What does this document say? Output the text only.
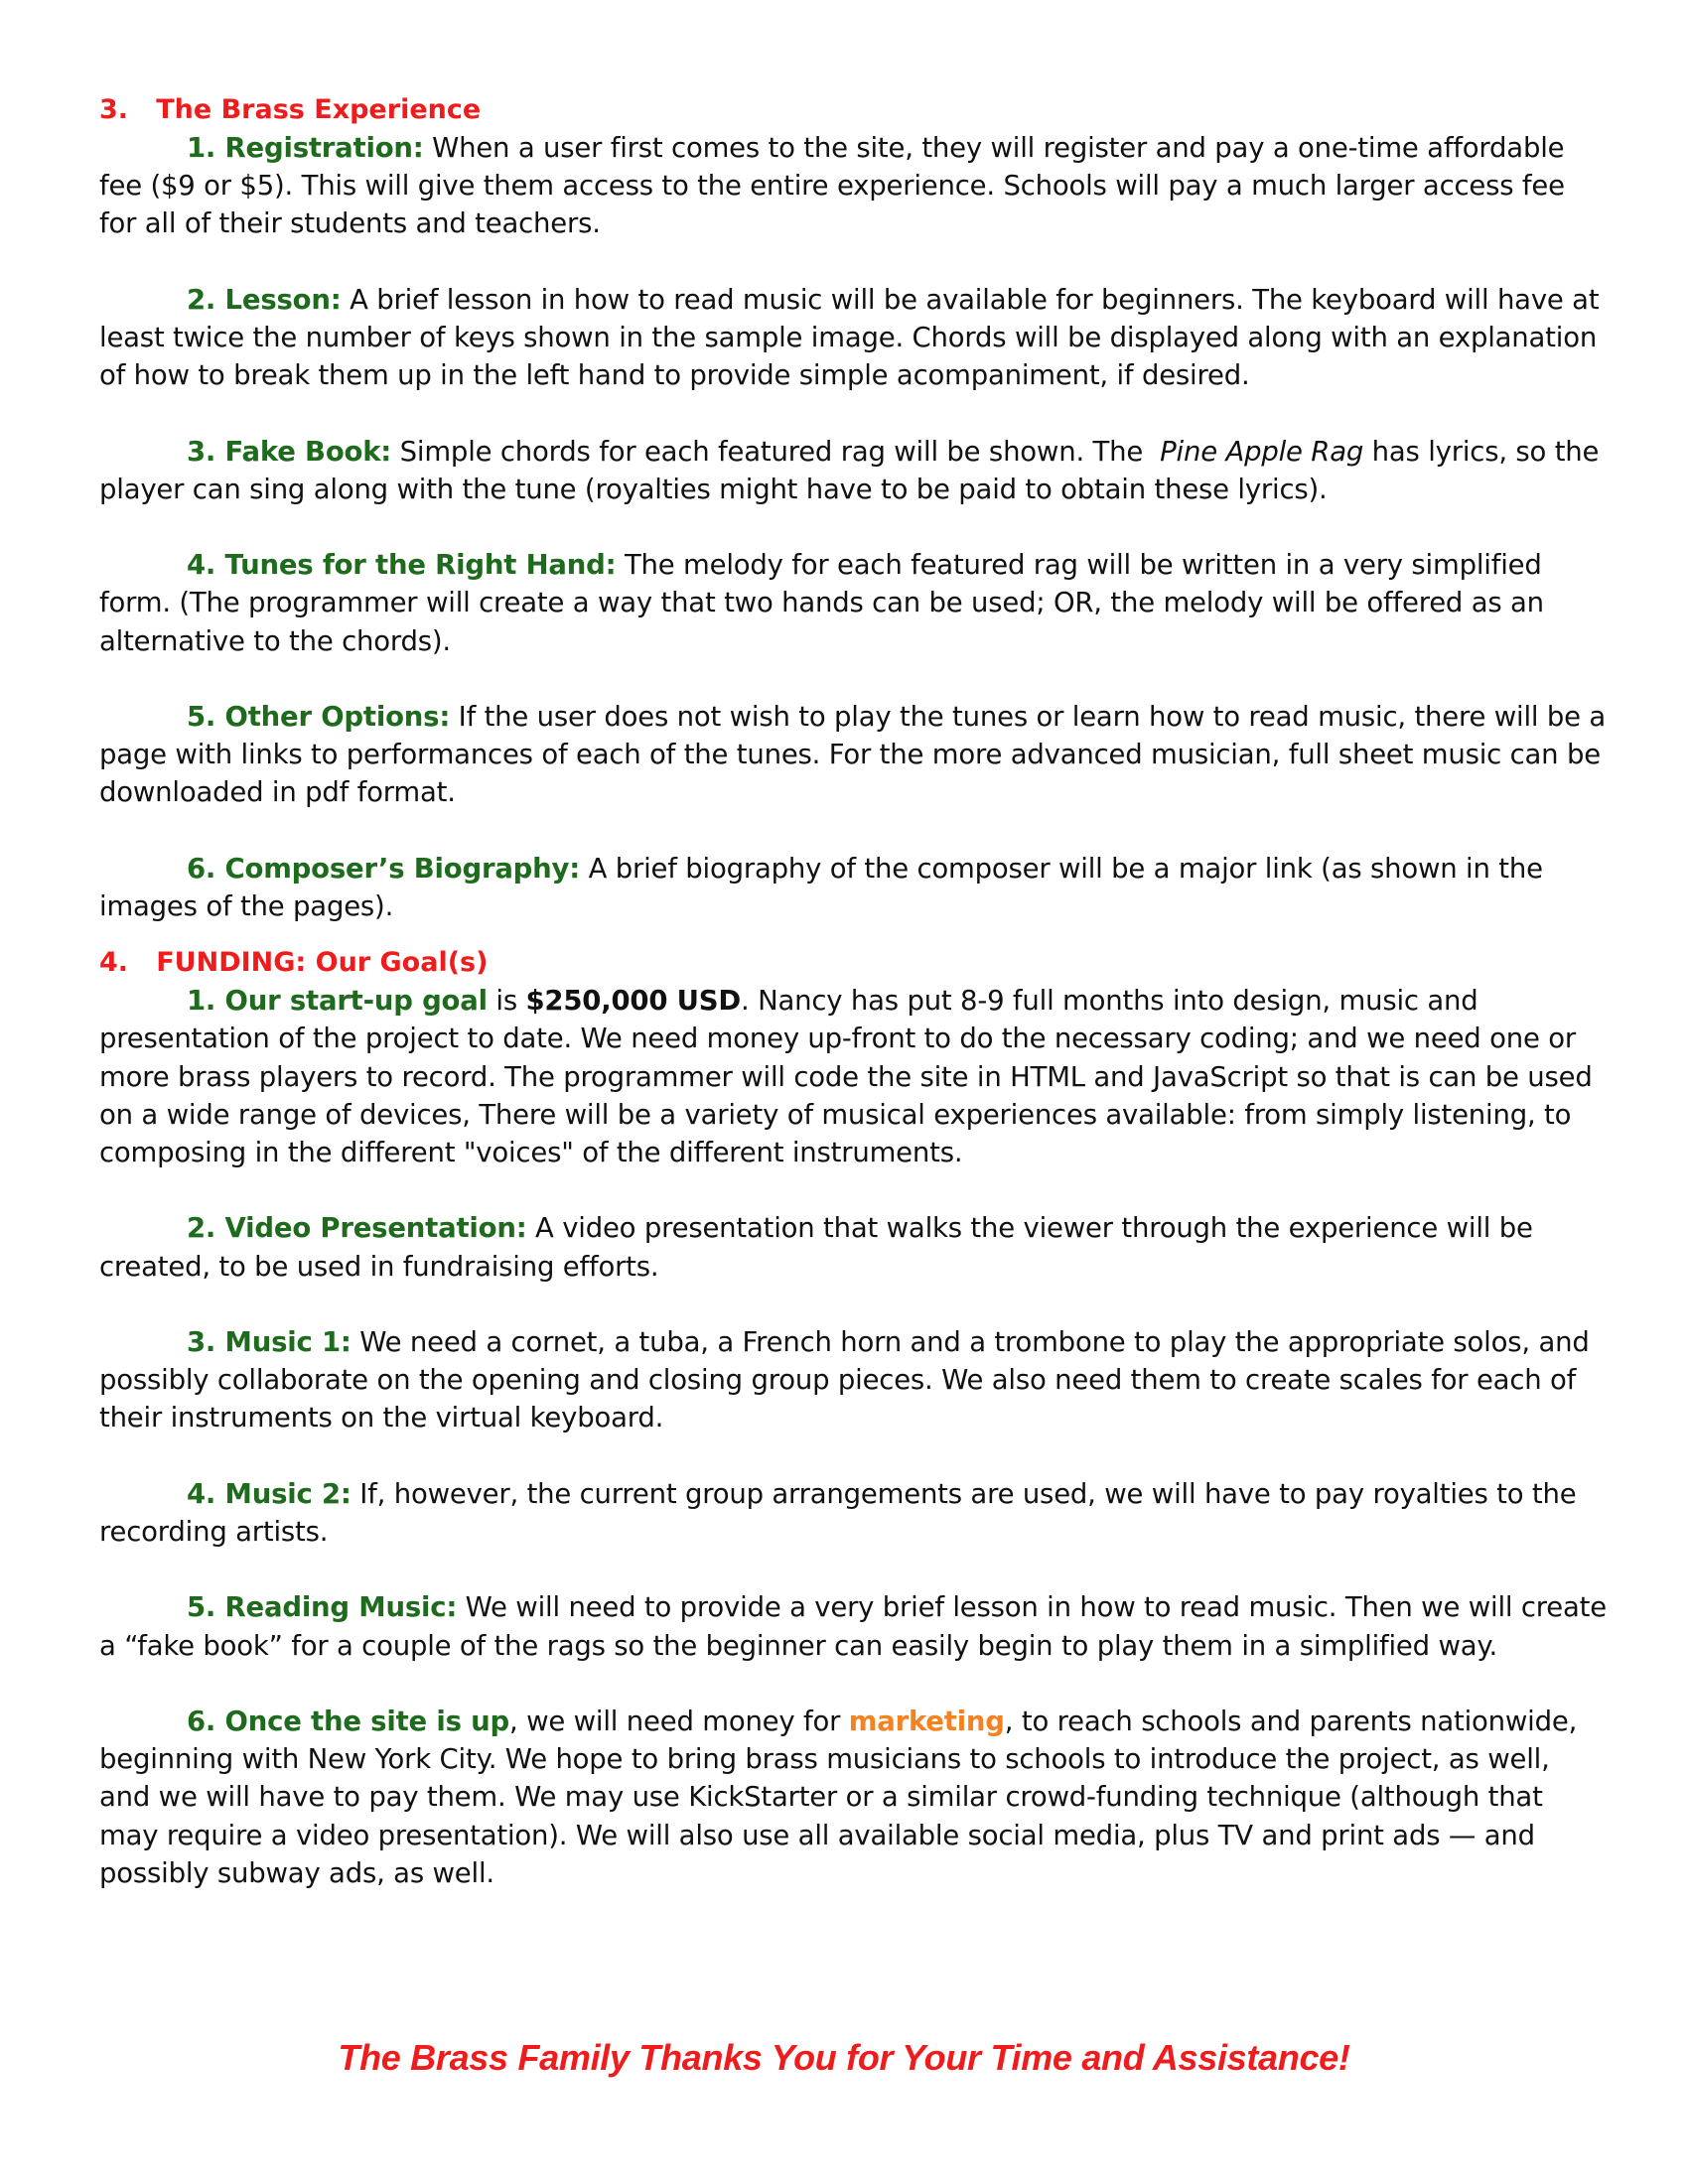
3.   The Brass Experience

1. Registration: When a user first comes to the site, they will register and pay a one-time affordable fee ($9 or $5). This will give them access to the entire experience. Schools will pay a much larger access fee for all of their students and teachers.

2. Lesson: A brief lesson in how to read music will be available for beginners. The keyboard will have at least twice the number of keys shown in the sample image. Chords will be displayed along with an explanation of how to break them up in the left hand to provide simple acompaniment, if desired.

3. Fake Book: Simple chords for each featured rag will be shown. The  Pine Apple Rag has lyrics, so the player can sing along with the tune (royalties might have to be paid to obtain these lyrics).

4. Tunes for the Right Hand: The melody for each featured rag will be written in a very simplified form. (The programmer will create a way that two hands can be used; OR, the melody will be offered as an alternative to the chords).

5. Other Options: If the user does not wish to play the tunes or learn how to read music, there will be a page with links to performances of each of the tunes. For the more advanced musician, full sheet music can be downloaded in pdf format.

6. Composer’s Biography: A brief biography of the composer will be a major link (as shown in the images of the pages).

4.   FUNDING: Our Goal(s)

1. Our start-up goal is $250,000 USD. Nancy has put 8-9 full months into design, music and presentation of the project to date. We need money up-front to do the necessary coding; and we need one or more brass players to record. The programmer will code the site in HTML and JavaScript so that is can be used on a wide range of devices, There will be a variety of musical experiences available: from simply listening, to composing in the different "voices" of the different instruments.

2. Video Presentation: A video presentation that walks the viewer through the experience will be created, to be used in fundraising efforts.

3. Music 1: We need a cornet, a tuba, a French horn and a trombone to play the appropriate solos, and possibly collaborate on the opening and closing group pieces. We also need them to create scales for each of their instruments on the virtual keyboard.

4. Music 2: If, however, the current group arrangements are used, we will have to pay royalties to the recording artists.

5. Reading Music: We will need to provide a very brief lesson in how to read music. Then we will create a “fake book” for a couple of the rags so the beginner can easily begin to play them in a simplified way.

6. Once the site is up, we will need money for marketing, to reach schools and parents nationwide, beginning with New York City. We hope to bring brass musicians to schools to introduce the project, as well, and we will have to pay them. We may use KickStarter or a similar crowd-funding technique (although that may require a video presentation). We will also use all available social media, plus TV and print ads — and possibly subway ads, as well.

The Brass Family Thanks You for Your Time and Assistance!
